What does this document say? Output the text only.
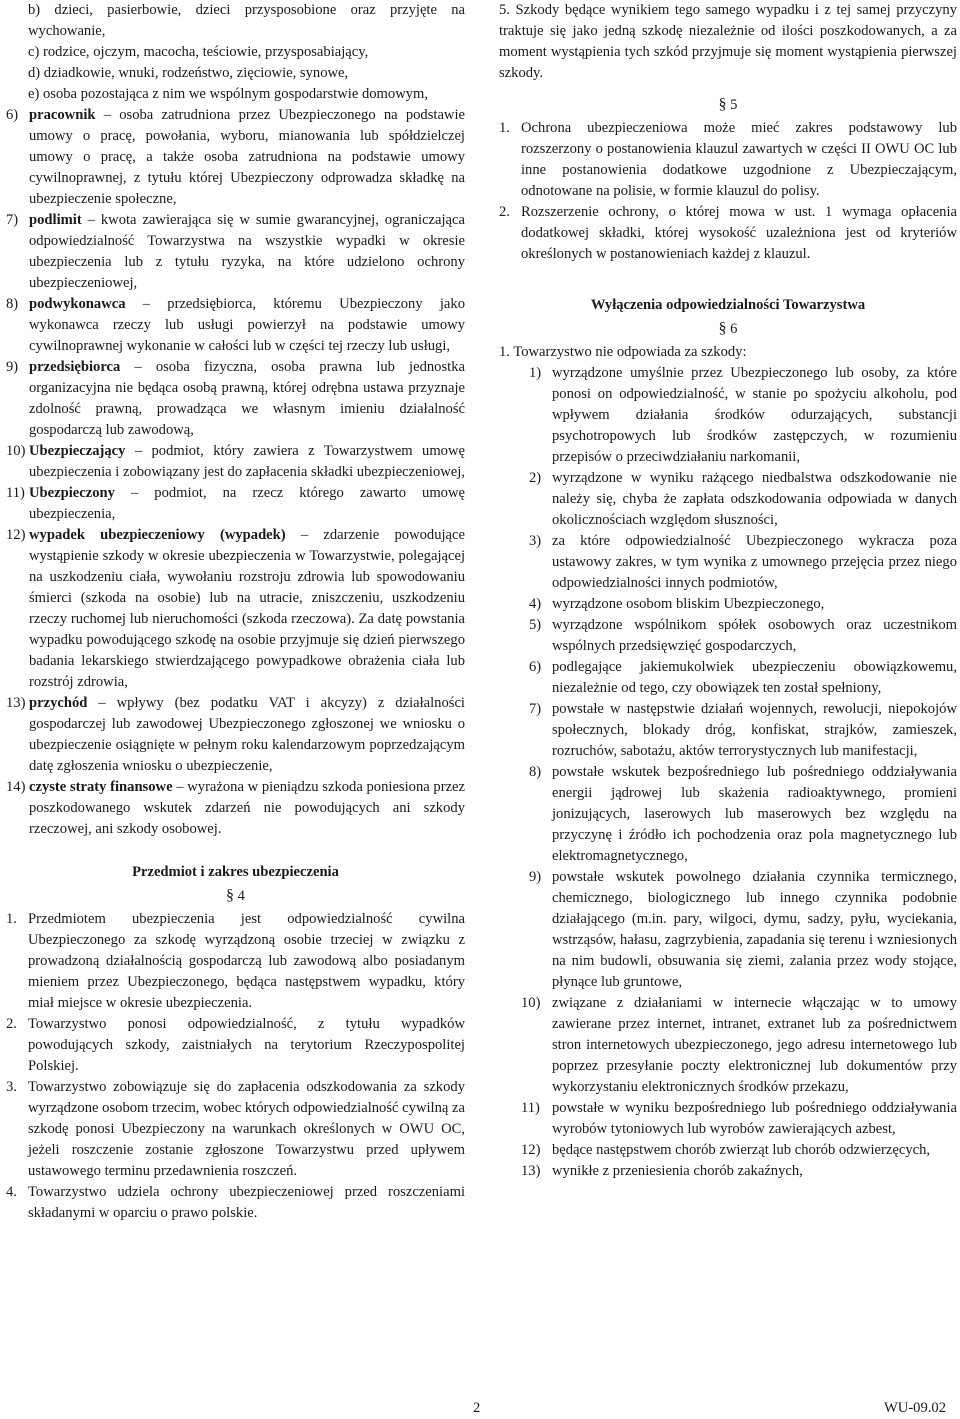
b) dzieci, pasierbowie, dzieci przysposobione oraz przyjęte na wychowanie,

c) rodzice, ojczym, macocha, teściowie, przysposabiający,

d) dziadkowie, wnuki, rodzeństwo, zięciowie, synowe,

e) osoba pozostająca z nim we wspólnym gospodarstwie domowym,

6) pracownik – osoba zatrudniona przez Ubezpieczonego na podstawie umowy o pracę, powołania, wyboru, mianowania lub spółdzielczej umowy o pracę, a także osoba zatrudniona na podstawie umowy cywilnoprawnej, z tytułu której Ubezpieczony odprowadza składkę na ubezpieczenie społeczne,
7) podlimit – kwota zawierająca się w sumie gwarancyjnej, ograniczająca odpowiedzialność Towarzystwa na wszystkie wypadki w okresie ubezpieczenia lub z tytułu ryzyka, na które udzielono ochrony ubezpieczeniowej,
8) podwykonawca – przedsiębiorca, któremu Ubezpieczony jako wykonawca rzeczy lub usługi powierzył na podstawie umowy cywilnoprawnej wykonanie w całości lub w części tej rzeczy lub usługi,
9) przedsiębiorca – osoba fizyczna, osoba prawna lub jednostka organizacyjna nie będąca osobą prawną, której odrębna ustawa przyznaje zdolność prawną, prowadząca we własnym imieniu działalność gospodarczą lub zawodową,
10) Ubezpieczający – podmiot, który zawiera z Towarzystwem umowę ubezpieczenia i zobowiązany jest do zapłacenia składki ubezpieczeniowej,
11) Ubezpieczony – podmiot, na rzecz którego zawarto umowę ubezpieczenia,
12) wypadek ubezpieczeniowy (wypadek) – zdarzenie powodujące wystąpienie szkody w okresie ubezpieczenia w Towarzystwie, polegającej na uszkodzeniu ciała, wywołaniu rozstroju zdrowia lub spowodowaniu śmierci (szkoda na osobie) lub na utracie, zniszczeniu, uszkodzeniu rzeczy ruchomej lub nieruchomości (szkoda rzeczowa). Za datę powstania wypadku powodującego szkodę na osobie przyjmuje się dzień pierwszego badania lekarskiego stwierdzającego powypadkowe obrażenia ciała lub rozstrój zdrowia,
13) przychód – wpływy (bez podatku VAT i akcyzy) z działalności gospodarczej lub zawodowej Ubezpieczonego zgłoszonej we wniosku o ubezpieczenie osiągnięte w pełnym roku kalendarzowym poprzedzającym datę zgłoszenia wniosku o ubezpieczenie,
14) czyste straty finansowe – wyrażona w pieniądzu szkoda poniesiona przez poszkodowanego wskutek zdarzeń nie powodujących ani szkody rzeczowej, ani szkody osobowej.
Przedmiot i zakres ubezpieczenia
§ 4
1. Przedmiotem ubezpieczenia jest odpowiedzialność cywilna Ubezpieczonego za szkodę wyrządzoną osobie trzeciej w związku z prowadzoną działalnością gospodarczą lub zawodową albo posiadanym mieniem przez Ubezpieczonego, będąca następstwem wypadku, który miał miejsce w okresie ubezpieczenia.
2. Towarzystwo ponosi odpowiedzialność, z tytułu wypadków powodujących szkody, zaistniałych na terytorium Rzeczypospolitej Polskiej.
3. Towarzystwo zobowiązuje się do zapłacenia odszkodowania za szkody wyrządzone osobom trzecim, wobec których odpowiedzialność cywilną za szkodę ponosi Ubezpieczony na warunkach określonych w OWU OC, jeżeli roszczenie zostanie zgłoszone Towarzystwu przed upływem ustawowego terminu przedawnienia roszczeń.
4. Towarzystwo udziela ochrony ubezpieczeniowej przed roszczeniami składanymi w oparciu o prawo polskie.

5. Szkody będące wynikiem tego samego wypadku i z tej samej przyczyny traktuje się jako jedną szkodę niezależnie od ilości poszkodowanych, a za moment wystąpienia tych szkód przyjmuje się moment wystąpienia pierwszej szkody.

§ 5
1. Ochrona ubezpieczeniowa może mieć zakres podstawowy lub rozszerzony o postanowienia klauzul zawartych w części II OWU OC lub inne postanowienia dodatkowe uzgodnione z Ubezpieczającym, odnotowane na polisie, w formie klauzul do polisy.
2. Rozszerzenie ochrony, o której mowa w ust. 1 wymaga opłacenia dodatkowej składki, której wysokość uzależniona jest od kryteriów określonych w postanowieniach każdej z klauzul.
Wyłączenia odpowiedzialności Towarzystwa
§ 6

1. Towarzystwo nie odpowiada za szkody:

1) wyrządzone umyślnie przez Ubezpieczonego lub osoby, za które ponosi on odpowiedzialność, w stanie po spożyciu alkoholu, pod wpływem działania środków odurzających, substancji psychotropowych lub środków zastępczych, w rozumieniu przepisów o przeciwdziałaniu narkomanii,
2) wyrządzone w wyniku rażącego niedbalstwa odszkodowanie nie należy się, chyba że zapłata odszkodowania odpowiada w danych okolicznościach względom słuszności,
3) za które odpowiedzialność Ubezpieczonego wykracza poza ustawowy zakres, w tym wynika z umownego przejęcia przez niego odpowiedzialności innych podmiotów,
4) wyrządzone osobom bliskim Ubezpieczonego,
5) wyrządzone wspólnikom spółek osobowych oraz uczestnikom wspólnych przedsięwzięć gospodarczych,
6) podlegające jakiemukolwiek ubezpieczeniu obowiązkowemu, niezależnie od tego, czy obowiązek ten został spełniony,
7) powstałe w następstwie działań wojennych, rewolucji, niepokojów społecznych, blokady dróg, konfiskat, strajków, zamieszek, rozruchów, sabotażu, aktów terrorystycznych lub manifestacji,
8) powstałe wskutek bezpośredniego lub pośredniego oddziaływania energii jądrowej lub skażenia radioaktywnego, promieni jonizujących, laserowych lub maserowych bez względu na przyczynę i źródło ich pochodzenia oraz pola magnetycznego lub elektromagnetycznego,
9) powstałe wskutek powolnego działania czynnika termicznego, chemicznego, biologicznego lub innego czynnika podobnie działającego (m.in. pary, wilgoci, dymu, sadzy, pyłu, wyciekania, wstrząsów, hałasu, zagrzybienia, zapadania się terenu i wzniesionych na nim budowli, obsuwania się ziemi, zalania przez wody stojące, płynące lub gruntowe,
10) związane z działaniami w internecie włączając w to umowy zawierane przez internet, intranet, extranet lub za pośrednictwem stron internetowych ubezpieczonego, jego adresu internetowego lub poprzez przesyłanie poczty elektronicznej lub dokumentów przy wykorzystaniu elektronicznych środków przekazu,
11) powstałe w wyniku bezpośredniego lub pośredniego oddziaływania wyrobów tytoniowych lub wyrobów zawierających azbest,
12) będące następstwem chorób zwierząt lub chorób odzwierzęcych,
13) wynikłe z przeniesienia chorób zakaźnych,
2	WU-09.02
